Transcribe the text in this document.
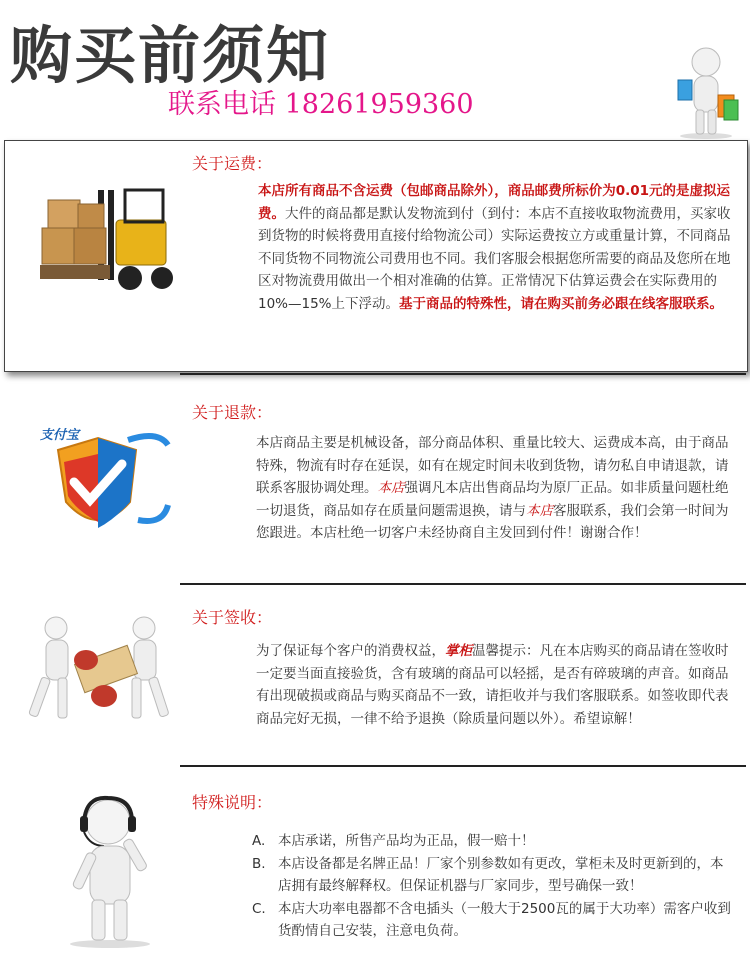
购买前须知
联系电话 18261959360
关于运费：
本店所有商品不含运费（包邮商品除外），商品邮费所标价为0.01元的是虚拟运费。大件的商品都是默认发物流到付（到付：本店不直接收取物流费用，买家收到货物的时候将费用直接付给物流公司）实际运费按立方或重量计算，不同商品不同货物不同物流公司费用也不同。我们客服会根据您所需要的商品及您所在地区对物流费用做出一个相对准确的估算。正常情况下估算运费会在实际费用的10%—15%上下浮动。基于商品的特殊性，请在购买前务必跟在线客服联系。
支付宝
关于退款：
本店商品主要是机械设备，部分商品体积、重量比较大、运费成本高，由于商品特殊，物流有时存在延误，如有在规定时间未收到货物，请勿私自申请退款，请联系客服协调处理。本店强调凡本店出售商品均为原厂正品。如非质量问题杜绝一切退货，商品如存在质量问题需退换，请与本店客服联系，我们会第一时间为您跟进。本店杜绝一切客户未经协商自主发回到付件！谢谢合作！
关于签收：
为了保证每个客户的消费权益，掌柜温馨提示：凡在本店购买的商品请在签收时一定要当面直接验货，含有玻璃的商品可以轻摇，是否有碎玻璃的声音。如商品有出现破损或商品与购买商品不一致，请拒收并与我们客服联系。如签收即代表商品完好无损，一律不给予退换（除质量问题以外）。希望谅解！
特殊说明：
A. 本店承诺，所售产品均为正品，假一赔十！
B. 本店设备都是名牌正品！厂家个别参数如有更改，掌柜未及时更新到的，本店拥有最终解释权。但保证机器与厂家同步，型号确保一致！
C. 本店大功率电器都不含电插头（一般大于2500瓦的属于大功率）需客户收到货酌情自己安装，注意电负荷。
